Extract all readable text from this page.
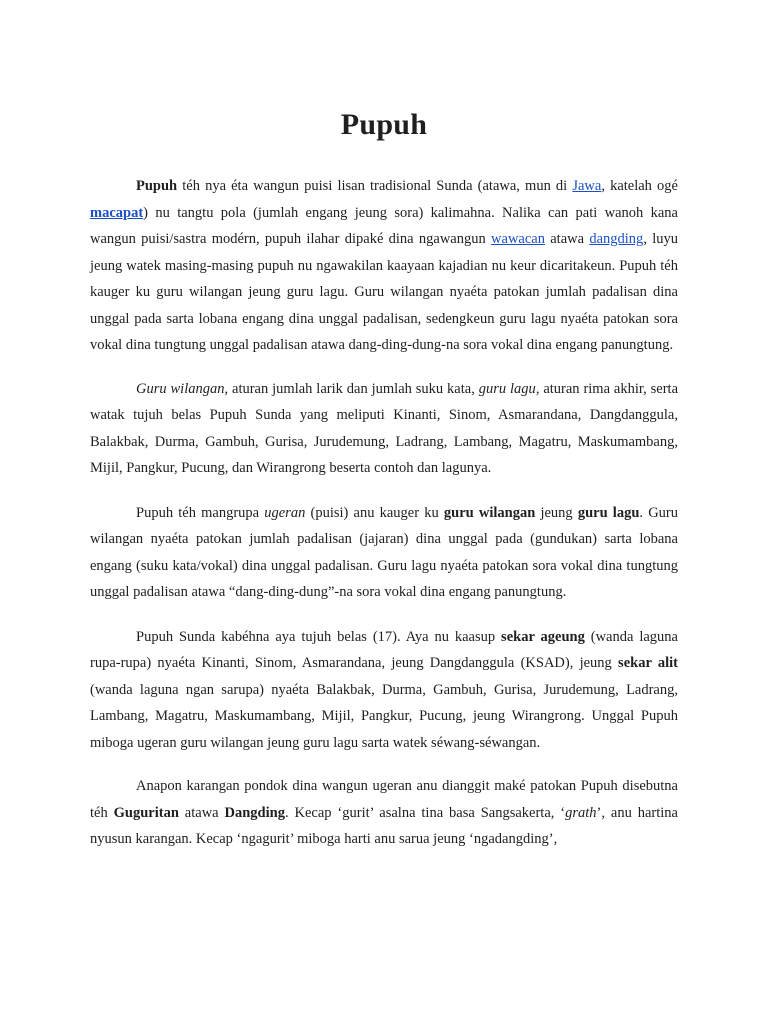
Pupuh

Pupuh téh nya éta wangun puisi lisan tradisional Sunda (atawa, mun di Jawa, katelah ogé macapat) nu tangtu pola (jumlah engang jeung sora) kalimahna. Nalika can pati wanoh kana wangun puisi/sastra modérn, pupuh ilahar dipaké dina ngawangun wawacan atawa dangding, luyu jeung watek masing-masing pupuh nu ngawakilan kaayaan kajadian nu keur dicaritakeun. Pupuh téh kauger ku guru wilangan jeung guru lagu. Guru wilangan nyaéta patokan jumlah padalisan dina unggal pada sarta lobana engang dina unggal padalisan, sedengkeun guru lagu nyaéta patokan sora vokal dina tungtung unggal padalisan atawa dang-ding-dung-na sora vokal dina engang panungtung.

Guru wilangan, aturan jumlah larik dan jumlah suku kata, guru lagu, aturan rima akhir, serta watak tujuh belas Pupuh Sunda yang meliputi Kinanti, Sinom, Asmarandana, Dangdanggula, Balakbak, Durma, Gambuh, Gurisa, Jurudemung, Ladrang, Lambang, Magatru, Maskumambang, Mijil, Pangkur, Pucung, dan Wirangrong beserta contoh dan lagunya.

Pupuh téh mangrupa ugeran (puisi) anu kauger ku guru wilangan jeung guru lagu. Guru wilangan nyaéta patokan jumlah padalisan (jajaran) dina unggal pada (gundukan) sarta lobana engang (suku kata/vokal) dina unggal padalisan. Guru lagu nyaéta patokan sora vokal dina tungtung unggal padalisan atawa “dang-ding-dung”-na sora vokal dina engang panungtung.

Pupuh Sunda kabéhna aya tujuh belas (17). Aya nu kaasup sekar ageung (wanda laguna rupa-rupa) nyaéta Kinanti, Sinom, Asmarandana, jeung Dangdanggula (KSAD), jeung sekar alit (wanda laguna ngan sarupa) nyaéta Balakbak, Durma, Gambuh, Gurisa, Jurudemung, Ladrang, Lambang, Magatru, Maskumambang, Mijil, Pangkur, Pucung, jeung Wirangrong. Unggal Pupuh miboga ugeran guru wilangan jeung guru lagu sarta watek séwang-séwangan.

Anapon karangan pondok dina wangun ugeran anu dianggit maké patokan Pupuh disebutna téh Guguritan atawa Dangding. Kecap ‘gurit’ asalna tina basa Sangsakerta, ‘grath’, anu hartina nyusun karangan. Kecap ‘ngagurit’ miboga harti anu sarua jeung ‘ngadangding’,
